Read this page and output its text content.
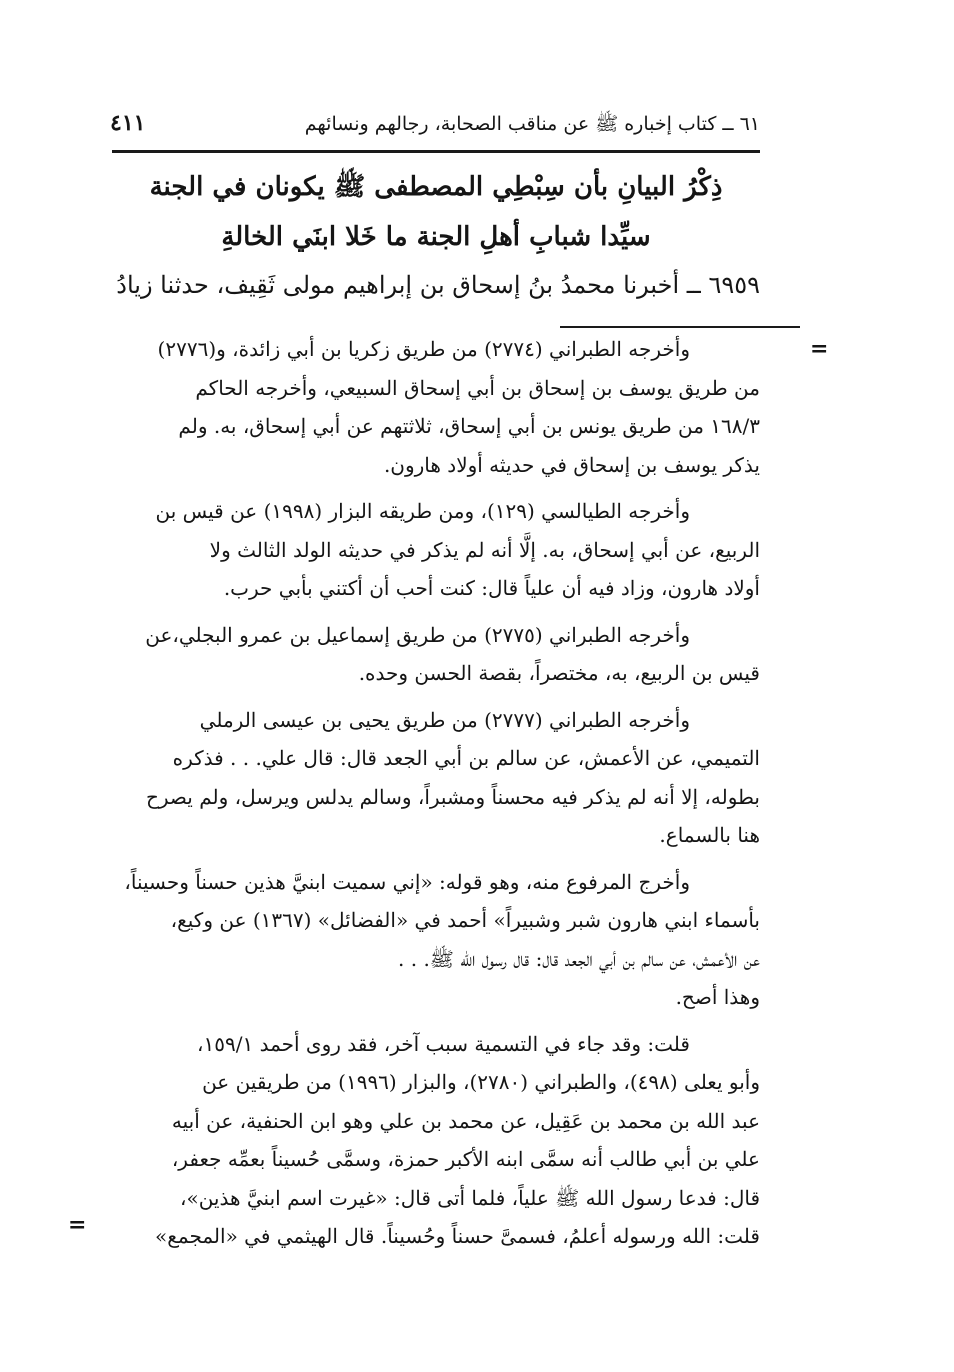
٦١ ــ كتاب إخباره ﷺ عن مناقب الصحابة، رجالهم ونسائهم
٤١١
ذِكْرُ البيانِ بأن سِبْطِي المصطفى ﷺ يكونان في الجنة
سيِّدا شبابِ أهلِ الجنة ما خَلا ابنَي الخالةِ
٦٩٥٩ ــ أخبرنا محمدُ بنُ إسحاق بن إبراهيم مولى ثَقِيف، حدثنا زيادُ
=
وأخرجه الطبراني (٢٧٧٤) من طريق زكريا بن أبي زائدة، و(٢٧٧٦)
من طريق يوسف بن إسحاق بن أبي إسحاق السبيعي، وأخرجه الحاكم
١٦٨/٣ من طريق يونس بن أبي إسحاق، ثلاثتهم عن أبي إسحاق، به. ولم
يذكر يوسف بن إسحاق في حديثه أولاد هارون.
وأخرجه الطيالسي (١٢٩)، ومن طريقه البزار (١٩٩٨) عن قيس بن
الربيع، عن أبي إسحاق، به. إلَّا أنه لم يذكر في حديثه الولد الثالث ولا
أولاد هارون، وزاد فيه أن علياً قال: كنت أحب أن أكتني بأبي حرب.
وأخرجه الطبراني (٢٧٧٥) من طريق إسماعيل بن عمرو البجلي،عن
قيس بن الربيع، به، مختصراً، بقصة الحسن وحده.
وأخرجه الطبراني (٢٧٧٧) من طريق يحيى بن عيسى الرملي
التميمي، عن الأعمش، عن سالم بن أبي الجعد قال: قال علي. . . فذكره
بطوله، إلا أنه لم يذكر فيه محسناً ومشبراً، وسالم يدلس ويرسل، ولم يصرح
هنا بالسماع.
وأخرج المرفوع منه، وهو قوله: «إني سميت ابنيَّ هذين حسناً وحسيناً،
بأسماء ابني هارون شبر وشبيراً» أحمد في «الفضائل» (١٣٦٧) عن وكيع،
عن الأعمش، عن سالم بن أبي الجعد قال: قال رسول الله ﷺ. . .
وهذا أصح.
قلت: وقد جاء في التسمية سبب آخر، فقد روى أحمد ١٥٩/١،
وأبو يعلى (٤٩٨)، والطبراني (٢٧٨٠)، والبزار (١٩٩٦) من طريقين عن
عبد الله بن محمد بن عَقِيل، عن محمد بن علي وهو ابن الحنفية، عن أبيه
علي بن أبي طالب أنه سمَّى ابنه الأكبر حمزة، وسمَّى حُسيناً بعمِّه جعفر،
قال: فدعا رسول الله ﷺ علياً، فلما أتى قال: «غيرت اسم ابنيَّ هذين»،
قلت: الله ورسوله أعلمُ، فسمىَّ حسناً وحُسيناً. قال الهيثمي في «المجمع»
=
